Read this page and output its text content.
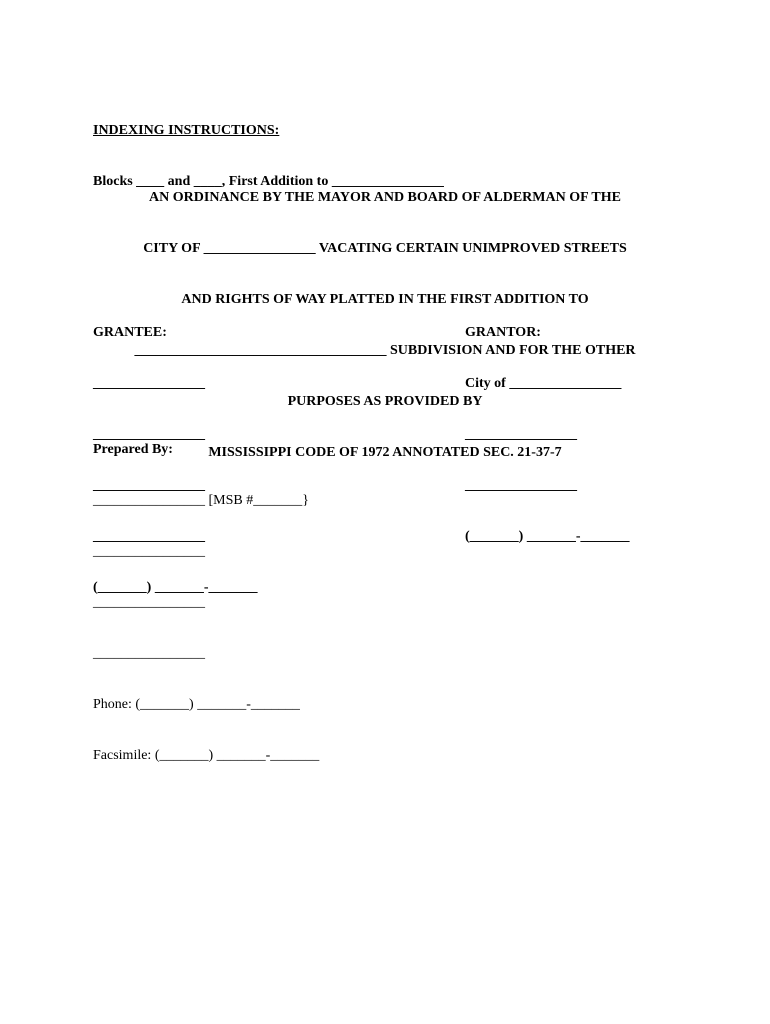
INDEXING INSTRUCTIONS:

Blocks ____ and ____, First Addition to ________________

AN ORDINANCE BY THE MAYOR AND BOARD OF ALDERMAN OF THE

CITY OF ________________ VACATING CERTAIN UNIMPROVED STREETS

AND RIGHTS OF WAY PLATTED IN THE FIRST ADDITION TO

____________________________________ SUBDIVISION AND FOR THE OTHER

PURPOSES AS PROVIDED BY

MISSISSIPPI CODE OF 1972 ANNOTATED SEC. 21-37-7

GRANTEE:

________________

________________

________________

________________

(_______) _______-_______

GRANTOR:

City of ________________

________________

________________

(_______) _______-_______

Prepared By:

________________ [MSB #_______}

________________

________________

________________

Phone: (_______) _______-_______

Facsimile: (_______) _______-_______
